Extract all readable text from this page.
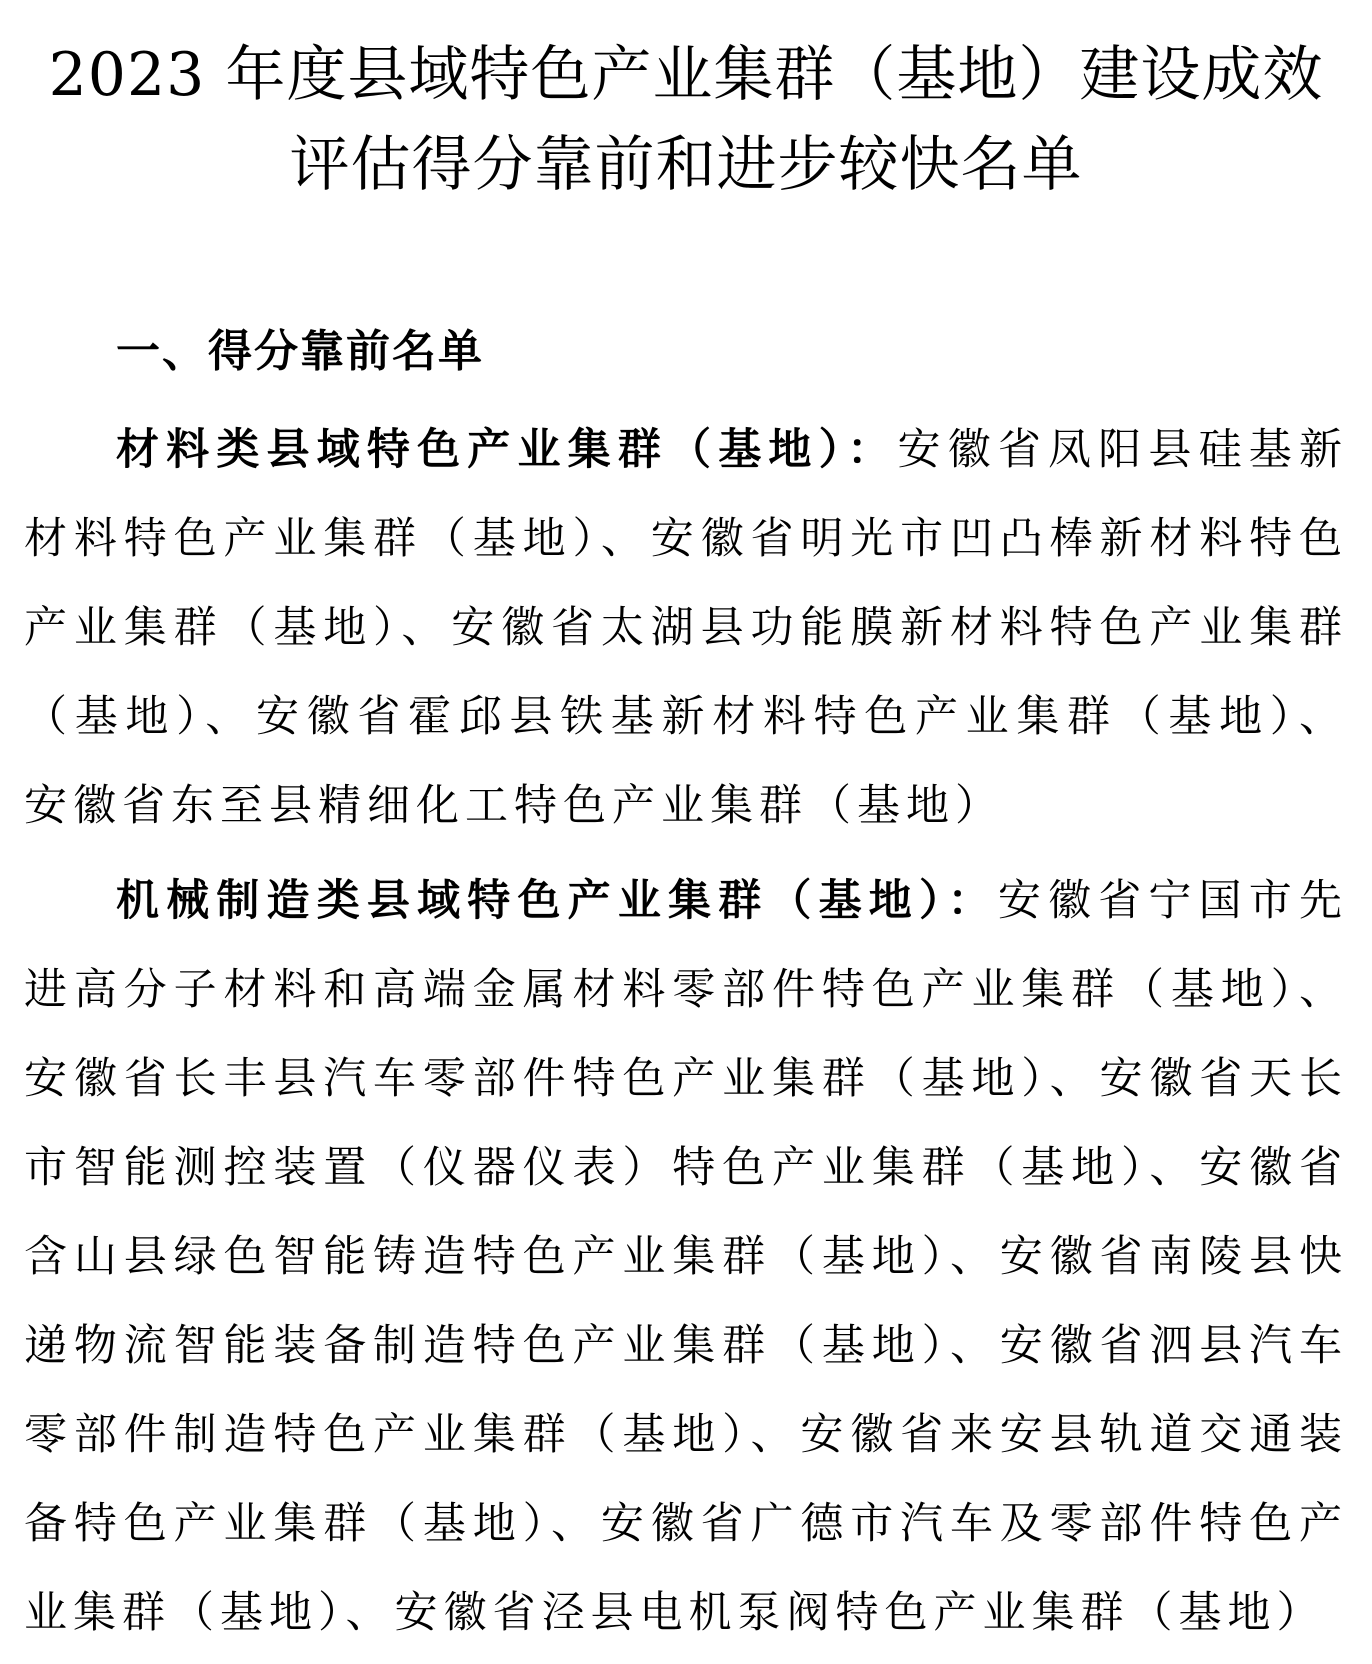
2023 年度县域特色产业集群（基地）建设成效
评估得分靠前和进步较快名单
一、得分靠前名单

材料类县域特色产业集群（基地）：安徽省凤阳县硅基新材料特色产业集群（基地）、安徽省明光市凹凸棒新材料特色产业集群（基地）、安徽省太湖县功能膜新材料特色产业集群（基地）、安徽省霍邱县铁基新材料特色产业集群（基地）、安徽省东至县精细化工特色产业集群（基地）

机械制造类县域特色产业集群（基地）：安徽省宁国市先进高分子材料和高端金属材料零部件特色产业集群（基地）、安徽省长丰县汽车零部件特色产业集群（基地）、安徽省天长市智能测控装置（仪器仪表）特色产业集群（基地）、安徽省含山县绿色智能铸造特色产业集群（基地）、安徽省南陵县快递物流智能装备制造特色产业集群（基地）、安徽省泗县汽车零部件制造特色产业集群（基地）、安徽省来安县轨道交通装备特色产业集群（基地）、安徽省广德市汽车及零部件特色产业集群（基地）、安徽省泾县电机泵阀特色产业集群（基地）
